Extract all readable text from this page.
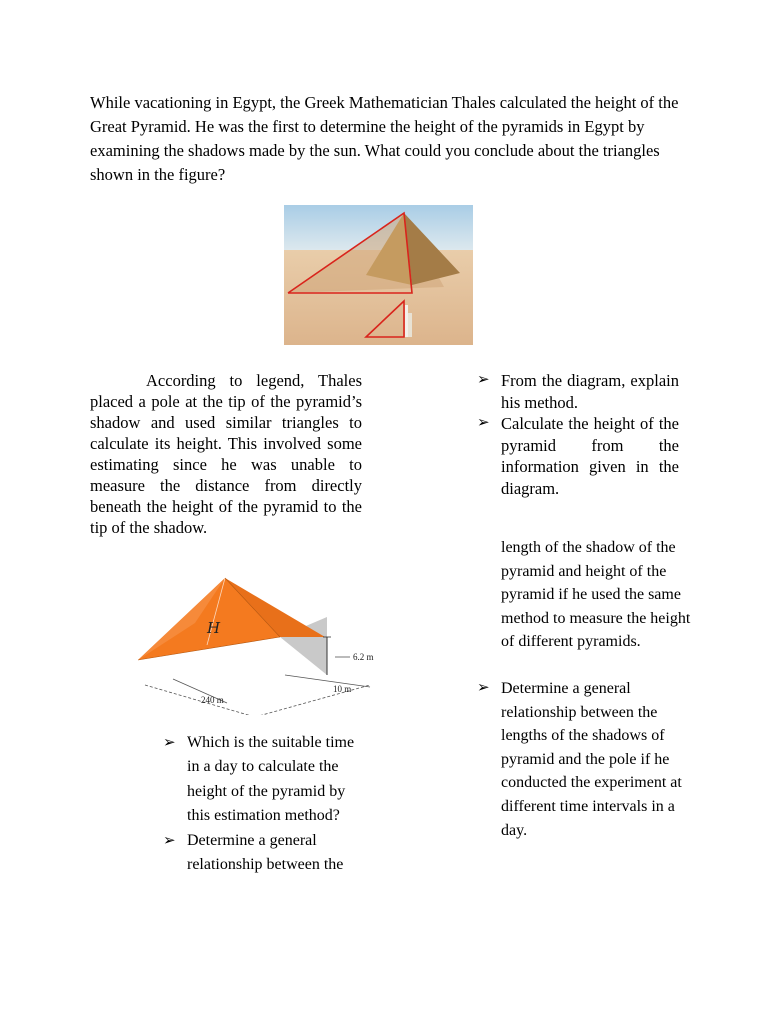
While vacationing in Egypt, the Greek Mathematician Thales calculated the height of the Great Pyramid. He was the first to determine the height of the pyramids in Egypt by examining the shadows made by the sun. What could you conclude about the triangles shown in the figure?

According to legend, Thales placed a pole at the tip of the pyramid’s shadow and used similar triangles to calculate its height. This involved some estimating since he was unable to measure the distance from directly beneath the height of the pyramid to the tip of the shadow.

➢ From the diagram, explain his method.
➢ Calculate the height of the pyramid from the information given in the diagram.

length of the shadow of the pyramid and height of the pyramid if he used the same method to measure the height of different pyramids.

➢ Determine a general relationship between the lengths of the shadows of pyramid and the pole if he conducted the experiment at different time intervals in a day.
H
6.2 m
10 m
240 m
➢ Which is the suitable time in a day to calculate the height of the pyramid by this estimation method?
➢ Determine a general relationship between the
